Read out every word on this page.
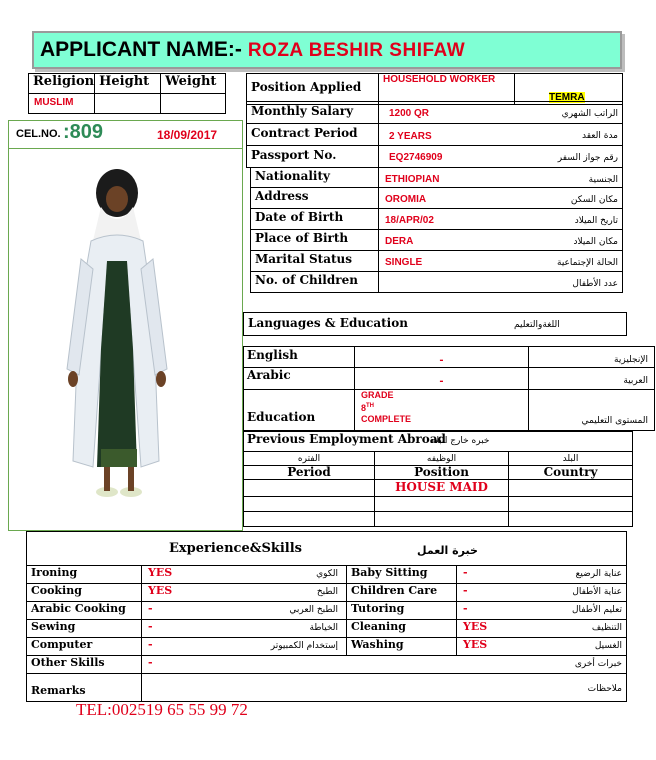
APPLICANT NAME:- ROZA BESHIR SHIFAW
Religion	Height	Weight
MUSLIM		
CEL.NO. :809	18/09/2017
Position Applied	HOUSEHOLD WORKER	TEMRA
Monthly Salary	1200 QR	الراتب الشهري
Contract Period	2 YEARS	مدة العقد
Passport No.	EQ2746909	رقم جواز السفر
Nationality	ETHIOPIAN	الجنسية
Address	OROMIA	مكان السكن
Date of Birth	18/APR/02	تاريخ الميلاد
Place of Birth	DERA	مكان الميلاد
Marital Status	SINGLE	الحالة الإجتماعية
No. of Children		عدد الأطفال
Languages & Education	اللغةوالتعليم
English	-	الإنجليزية
Arabic	-	العربية
Education	GRADE
8TH
COMPLETE	المستوى التعليمي
Previous Employment Abroad
خبره خارج البلاد
الفتره	الوظيفه	البلد
Period	Position	Country
	HOUSE MAID	

Experience&Skills	خبرة العمل
Ironing	YES	الكوي	Baby Sitting	-	عناية الرضيع
Cooking	YES	الطبخ	Children Care	-	عناية الأطفال
Arabic Cooking	-	الطبخ العربي	Tutoring	-	تعليم الأطفال
Sewing	-	الخياطة	Cleaning	YES	التنظيف
Computer	-	إستخدام الكمبيوتر	Washing	YES	الغسيل
Other Skills	-				خبرات أخرى
Remarks					ملاحظات
TEL:002519 65 55 99 72
